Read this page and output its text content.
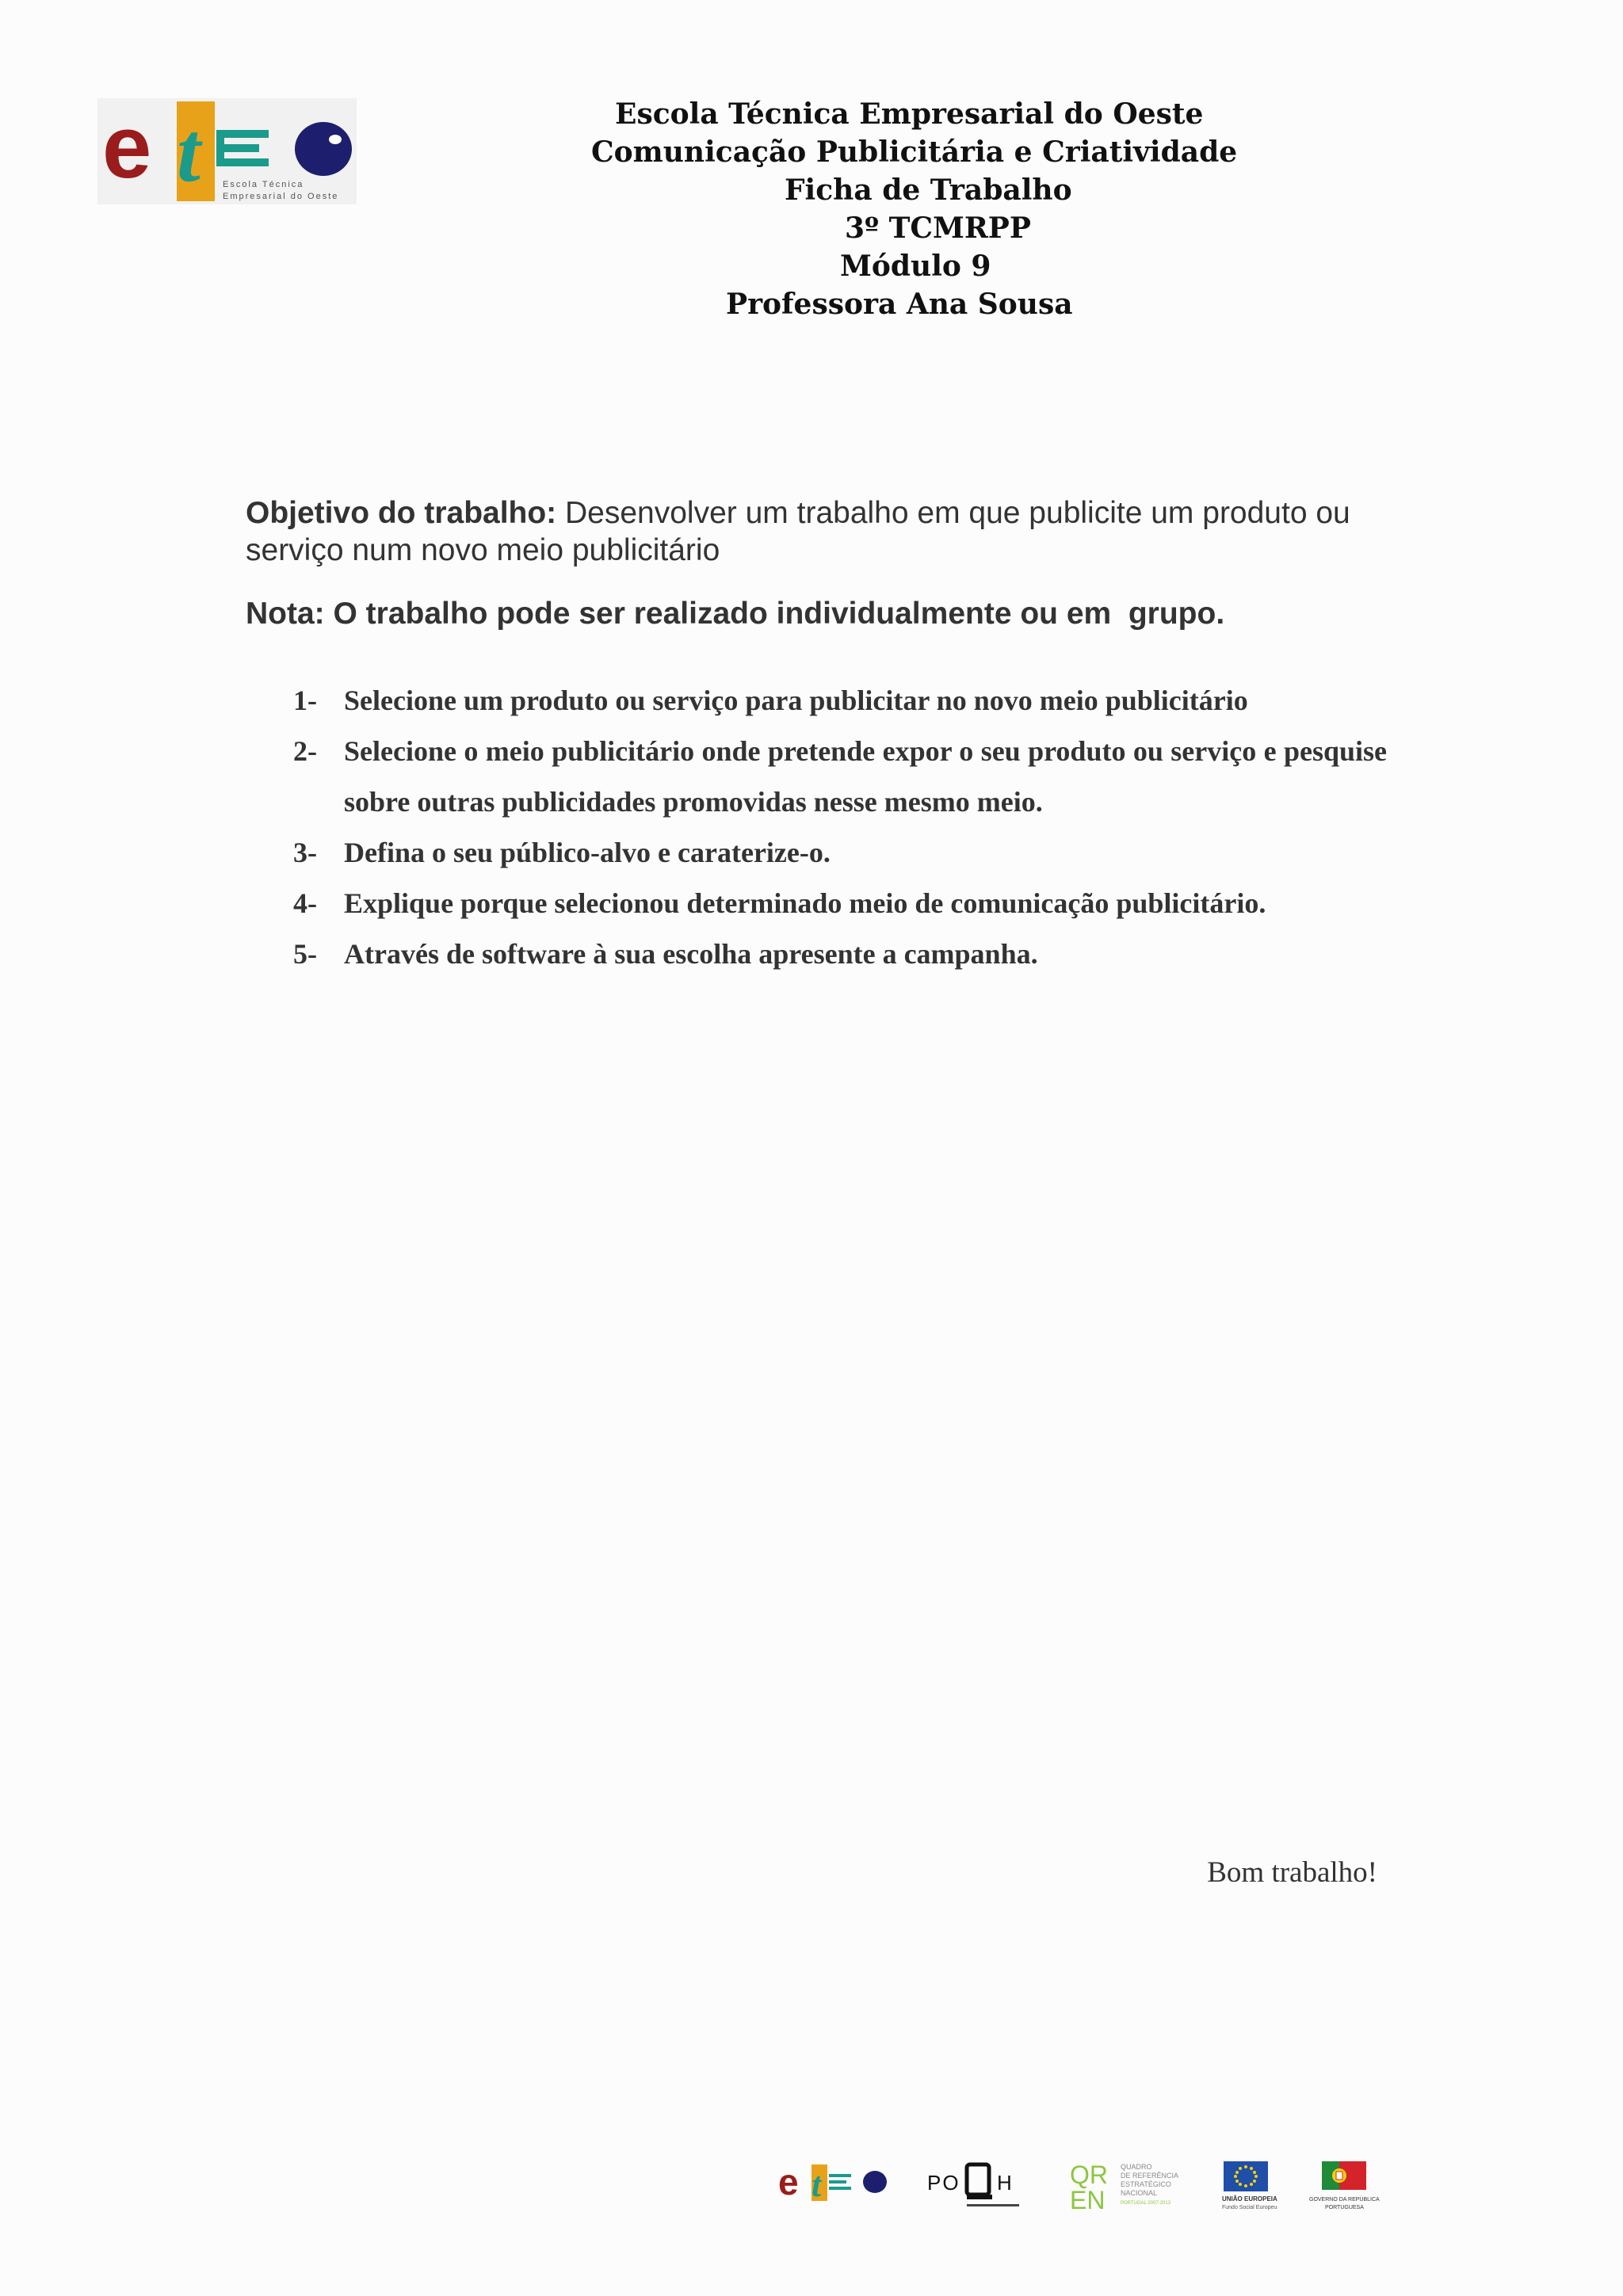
e t	Escola Técnica
Empresarial do Oeste
Escola Técnica Empresarial do Oeste
Comunicação Publicitária e Criatividade
Ficha de Trabalho
3º TCMRPP
Módulo 9
Professora Ana Sousa
Objetivo do trabalho: Desenvolver um trabalho em que publicite um produto ou serviço num novo meio publicitário
Nota: O trabalho pode ser realizado individualmente ou em  grupo.
1- Selecione um produto ou serviço para publicitar no novo meio publicitário
2- Selecione o meio publicitário onde pretende expor o seu produto ou serviço e pesquise sobre outras publicidades promovidas nesse mesmo meio.
3- Defina o seu público-alvo e caraterize-o.
4- Explique porque selecionou determinado meio de comunicação publicitário.
5- Através de software à sua escolha apresente a campanha.
Bom trabalho!
e t	PO H QR
EN
QUADRO
DE REFERÊNCIA
ESTRATÉGICO
NACIONAL
PORTUGAL 2007-2013
UNIÃO EUROPEIA
Fundo Social Europeu
GOVERNO DA REPÚBLICA
PORTUGUESA
